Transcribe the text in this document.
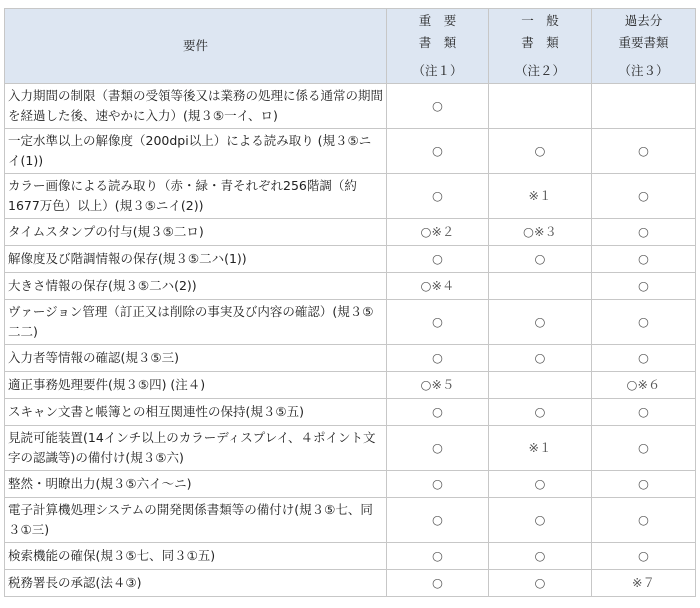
要件	重　要
書　類
（注１）	一　般
書　類
（注２）	過去分
重要書類
（注３）

入力期間の制限（書類の受領等後又は業務の処理に係る通常の期間を経過した後、速やかに入力）(規３⑤一イ、ロ)	○		
一定水準以上の解像度（200dpi以上）による読み取り (規３⑤ニイ(1))	○	○	○
カラー画像による読み取り（赤・緑・青それぞれ256階調（約1677万色）以上）(規３⑤ニイ(2))	○	※１	○
タイムスタンプの付与(規３⑤二ロ)	○※２	○※３	○
解像度及び階調情報の保存(規３⑤二ハ(1))	○	○	○
大きさ情報の保存(規３⑤二ハ(2))	○※４		○
ヴァージョン管理（訂正又は削除の事実及び内容の確認）(規３⑤二二)	○	○	○
入力者等情報の確認(規３⑤三)	○	○	○
適正事務処理要件(規３⑤四) (注４)	○※５		○※６
スキャン文書と帳簿との相互関連性の保持(規３⑤五)	○	○	○
見読可能装置(14インチ以上のカラーディスプレイ、４ポイント文字の認識等)の備付け(規３⑤六)	○	※１	○
整然・明瞭出力(規３⑤六イ～ニ)	○	○	○
電子計算機処理システムの開発関係書類等の備付け(規３⑤七、同３①三)	○	○	○
検索機能の確保(規３⑤七、同３①五)	○	○	○
税務署長の承認(法４③)	○	○	※７
